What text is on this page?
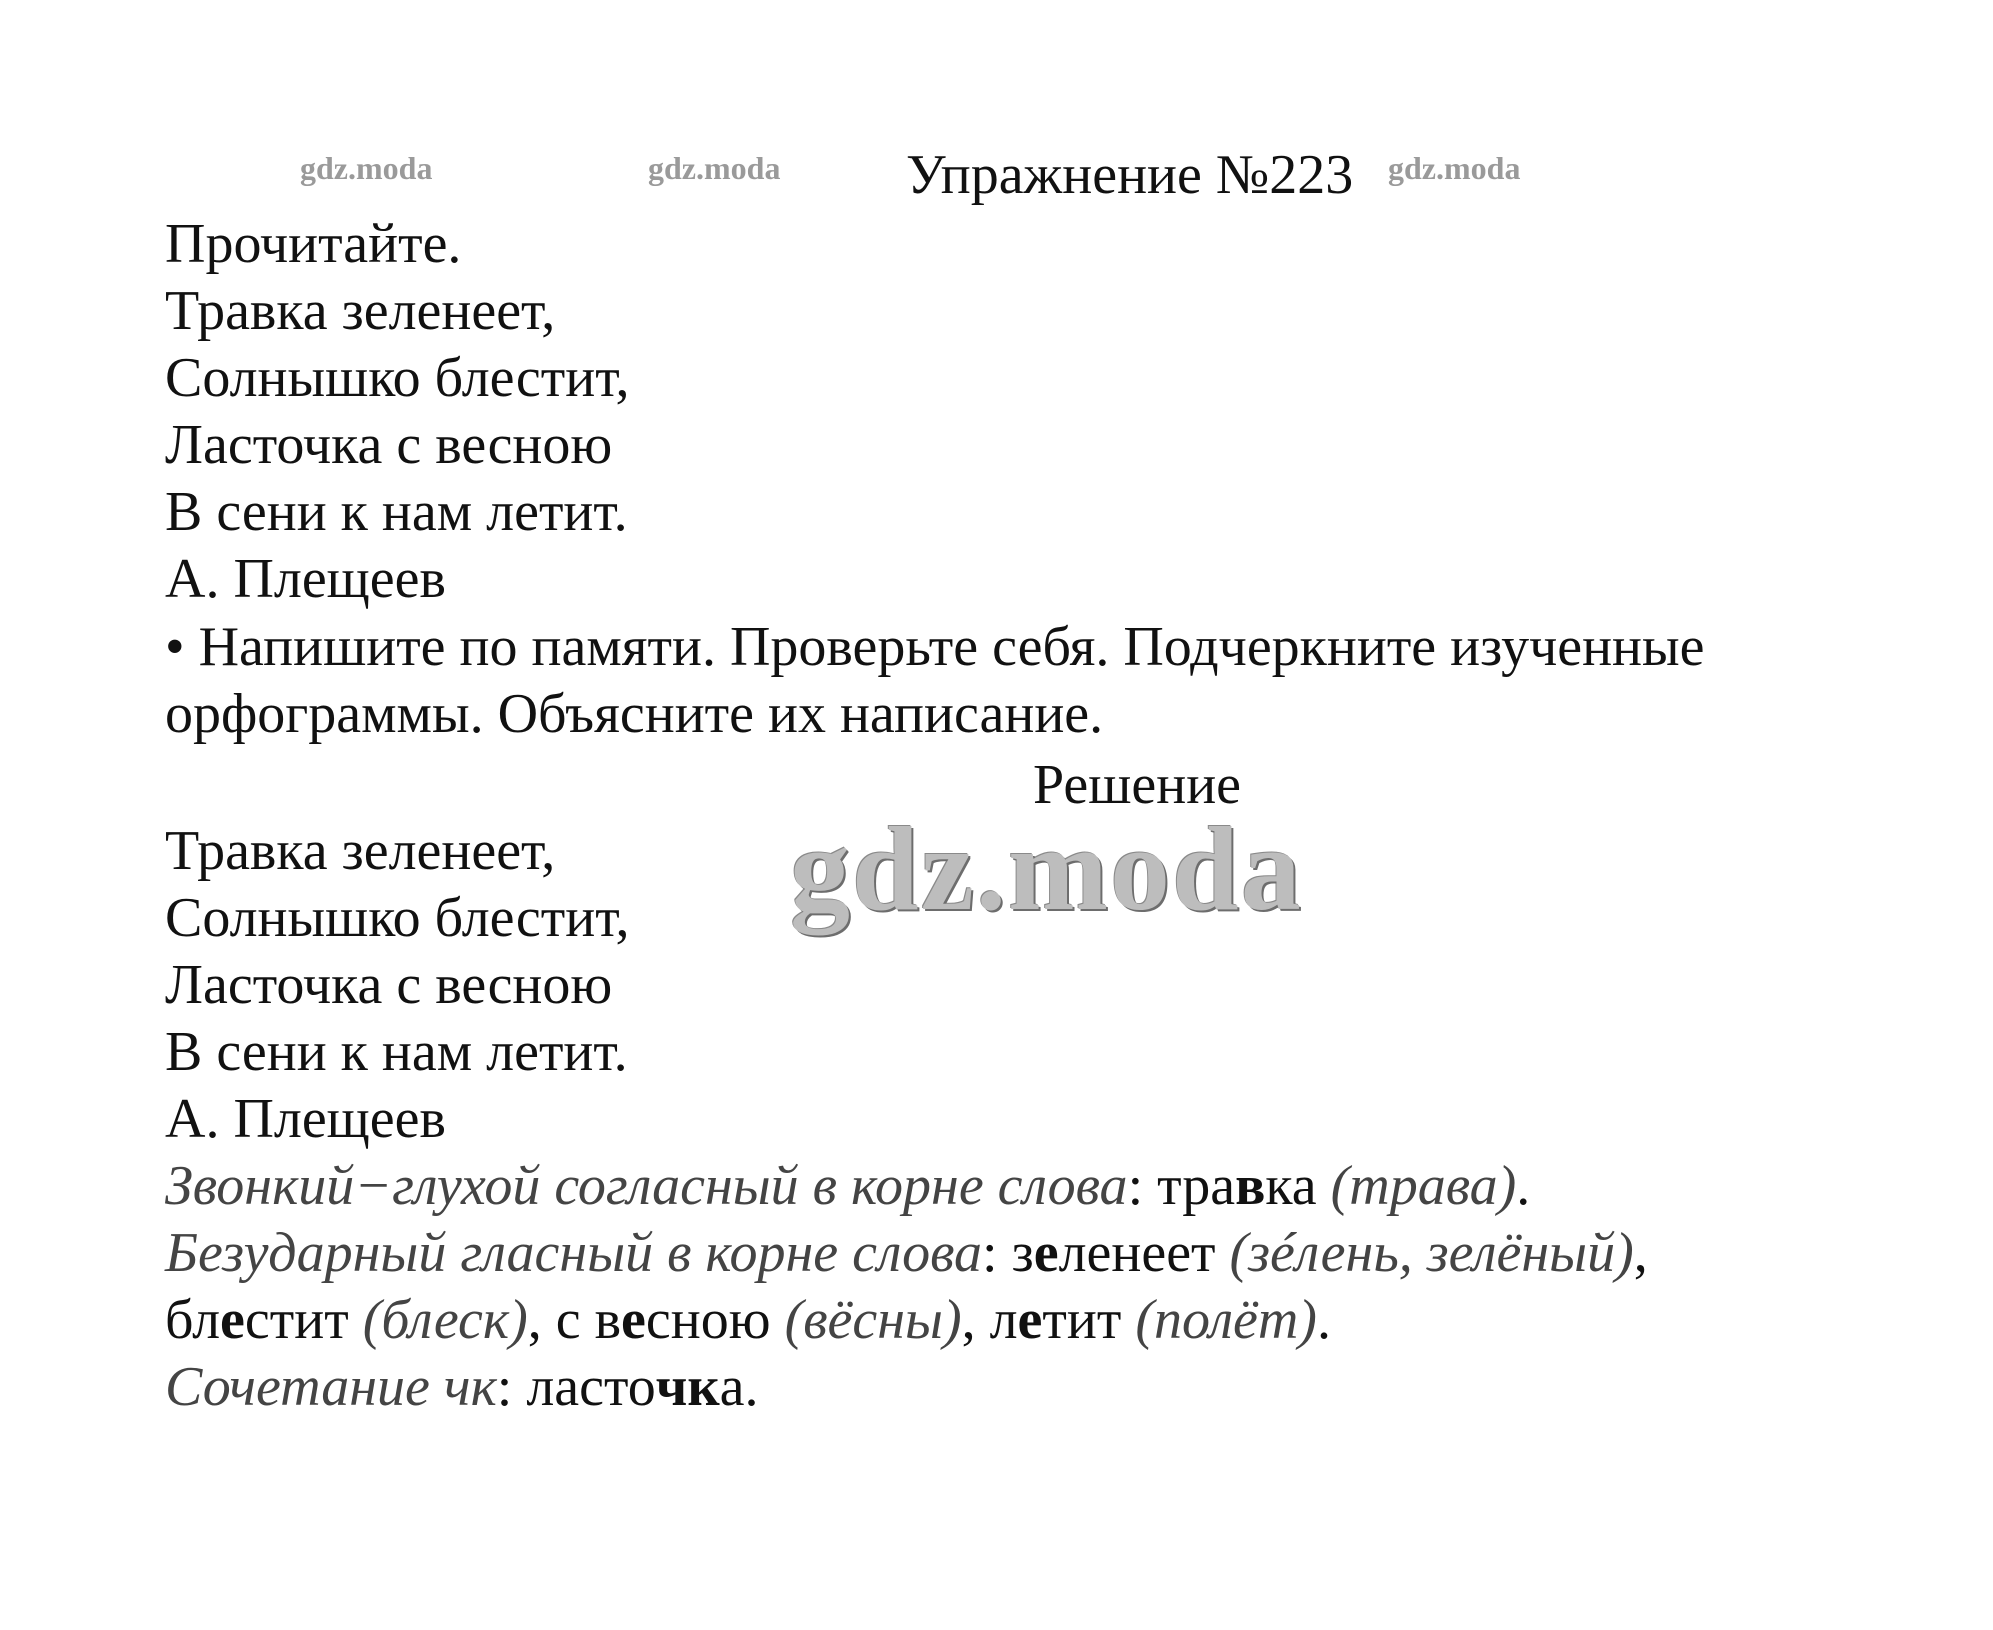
gdz.moda	gdz.moda	gdz.moda
Упражнение №223
Прочитайте.
Травка зеленеет,
Солнышко блестит,
Ласточка с весною
В сени к нам летит.
А. Плещеев
• Напишите по памяти. Проверьте себя. Подчеркните изученные
орфограммы. Объясните их написание.
Решение
gdz.moda
Травка зеленеет,
Солнышко блестит,
Ласточка с весною
В сени к нам летит.
А. Плещеев
Звонкий−глухой согласный в корне слова: травка (трава).
Безударный гласный в корне слова: зеленеет (зéлень, зелёный),
блестит (блеск), с весною (вёсны), летит (полёт).
Сочетание чк: ласточка.
